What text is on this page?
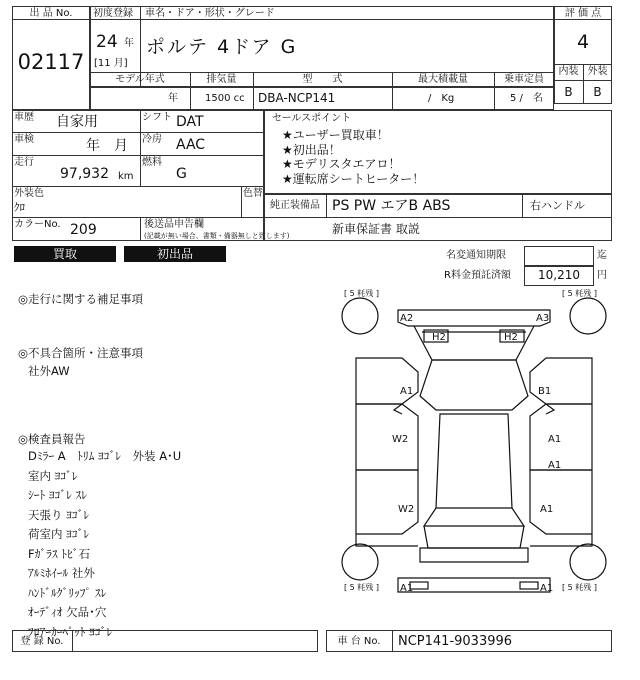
出 品 No.
02117
初度登録 車名・ドア・形状・グレード
24 年
[11 月]
ポルテ 4ドア G
評 価 点
4
内装 外装
B	B
モデル年式	排気量	型　　式	最大積載量	乗車定員
年	1500 cc DBA-NCP141	/　Kg	5 /　名
車歴 自家用	シフト DAT
車検	年　月 冷房 AAC
走行
97,932 km
燃料
G
外装色
ｸﾛ
色替
カラーNo. 209	後送品申告欄
(記載が無い場合、書類・備器無しと致します)
セールスポイント
★ユーザー買取車！
★初出品！
★モデリスタエアロ！
★運転席シートヒーター！
純正装備品 PS PW エアB ABS	右ハンドル
新車保証書 取説
買取	初出品	名変通知期限	迄
R料金預託済額 10,210 円
◎走行に関する補足事項
◎不具合箇所・注意事項
社外AW
◎検査員報告
Dﾐﾗｰ A　ﾄﾘﾑ ﾖｺﾞﾚ　外装 A･U
室内 ﾖｺﾞﾚ
ｼｰﾄ ﾖｺﾞﾚ ｽﾚ
天張り ﾖｺﾞﾚ
荷室内 ﾖｺﾞﾚ
Fｶﾞﾗｽ ﾄﾋﾞ石
ｱﾙﾐﾎｲｰﾙ 社外
ﾊﾝﾄﾞﾙｸﾞﾘｯﾌﾟ ｽﾚ
ｵｰﾃﾞｨｵ 欠品･穴
ﾌﾛｱｰｶｰﾍﾟｯﾄ ﾖｺﾞﾚ
[ 5 粍残 ]	[ 5 粍残 ]
[ 5 粍残 ]	[ 5 粍残 ]
A2	A3
H2	H2
A1	B1
W2	A1
A1
W2	A1
A1	A1
登 録 No.	車 台 No.	NCP141-9033996
